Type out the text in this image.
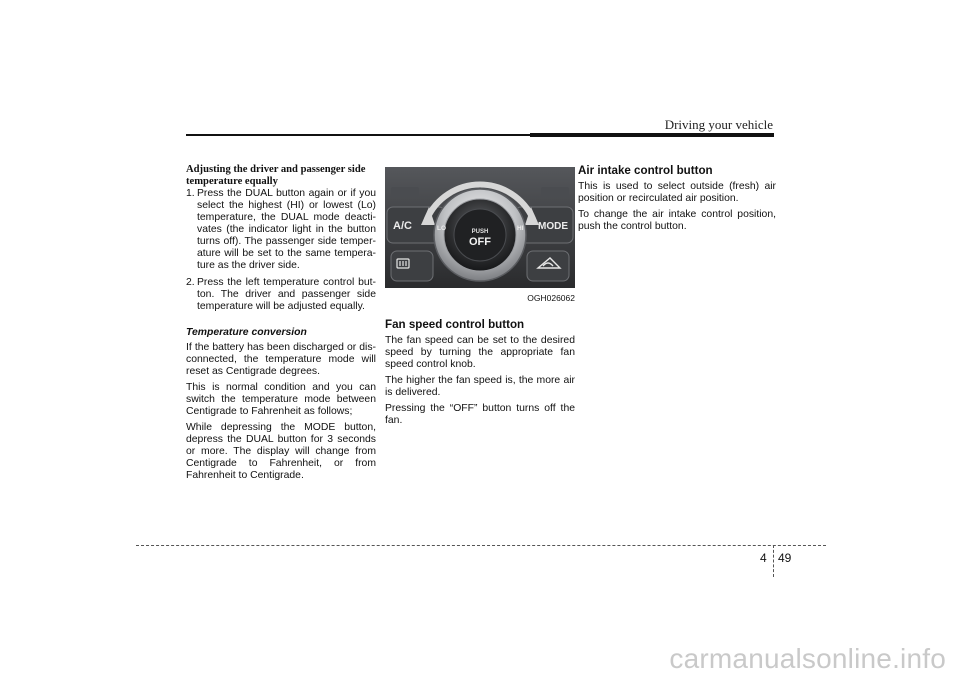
Driving your vehicle
Adjusting the driver and passenger side temperature equally
1. Press the DUAL button again or if you select the highest (HI) or lowest (Lo) temperature, the DUAL mode deacti-vates (the indicator light in the button turns off). The passenger side temper-ature will be set to the same tempera-ture as the driver side.
2. Press the left temperature control but-ton. The driver and passenger side temperature will be adjusted equally.
Temperature conversion
If the battery has been discharged or dis-connected, the temperature mode will reset as Centigrade degrees.
This is normal condition and you can switch the temperature mode between Centigrade to Fahrenheit as follows;
While depressing the MODE button, depress the DUAL button for 3 seconds or more. The display will change from Centigrade to Fahrenheit, or from Fahrenheit to Centigrade.
A/C	MODE
LO	HI
PUSH
OFF
OGH026062
Fan speed control button
The fan speed can be set to the desired speed by turning the appropriate fan speed control knob.
The higher the fan speed is, the more air is delivered.
Pressing the “OFF” button turns off the fan.
Air intake control button
This is used to select outside (fresh) air position or recirculated air position.
To change the air intake control position, push the control button.
4 49
carmanualsonline.info
